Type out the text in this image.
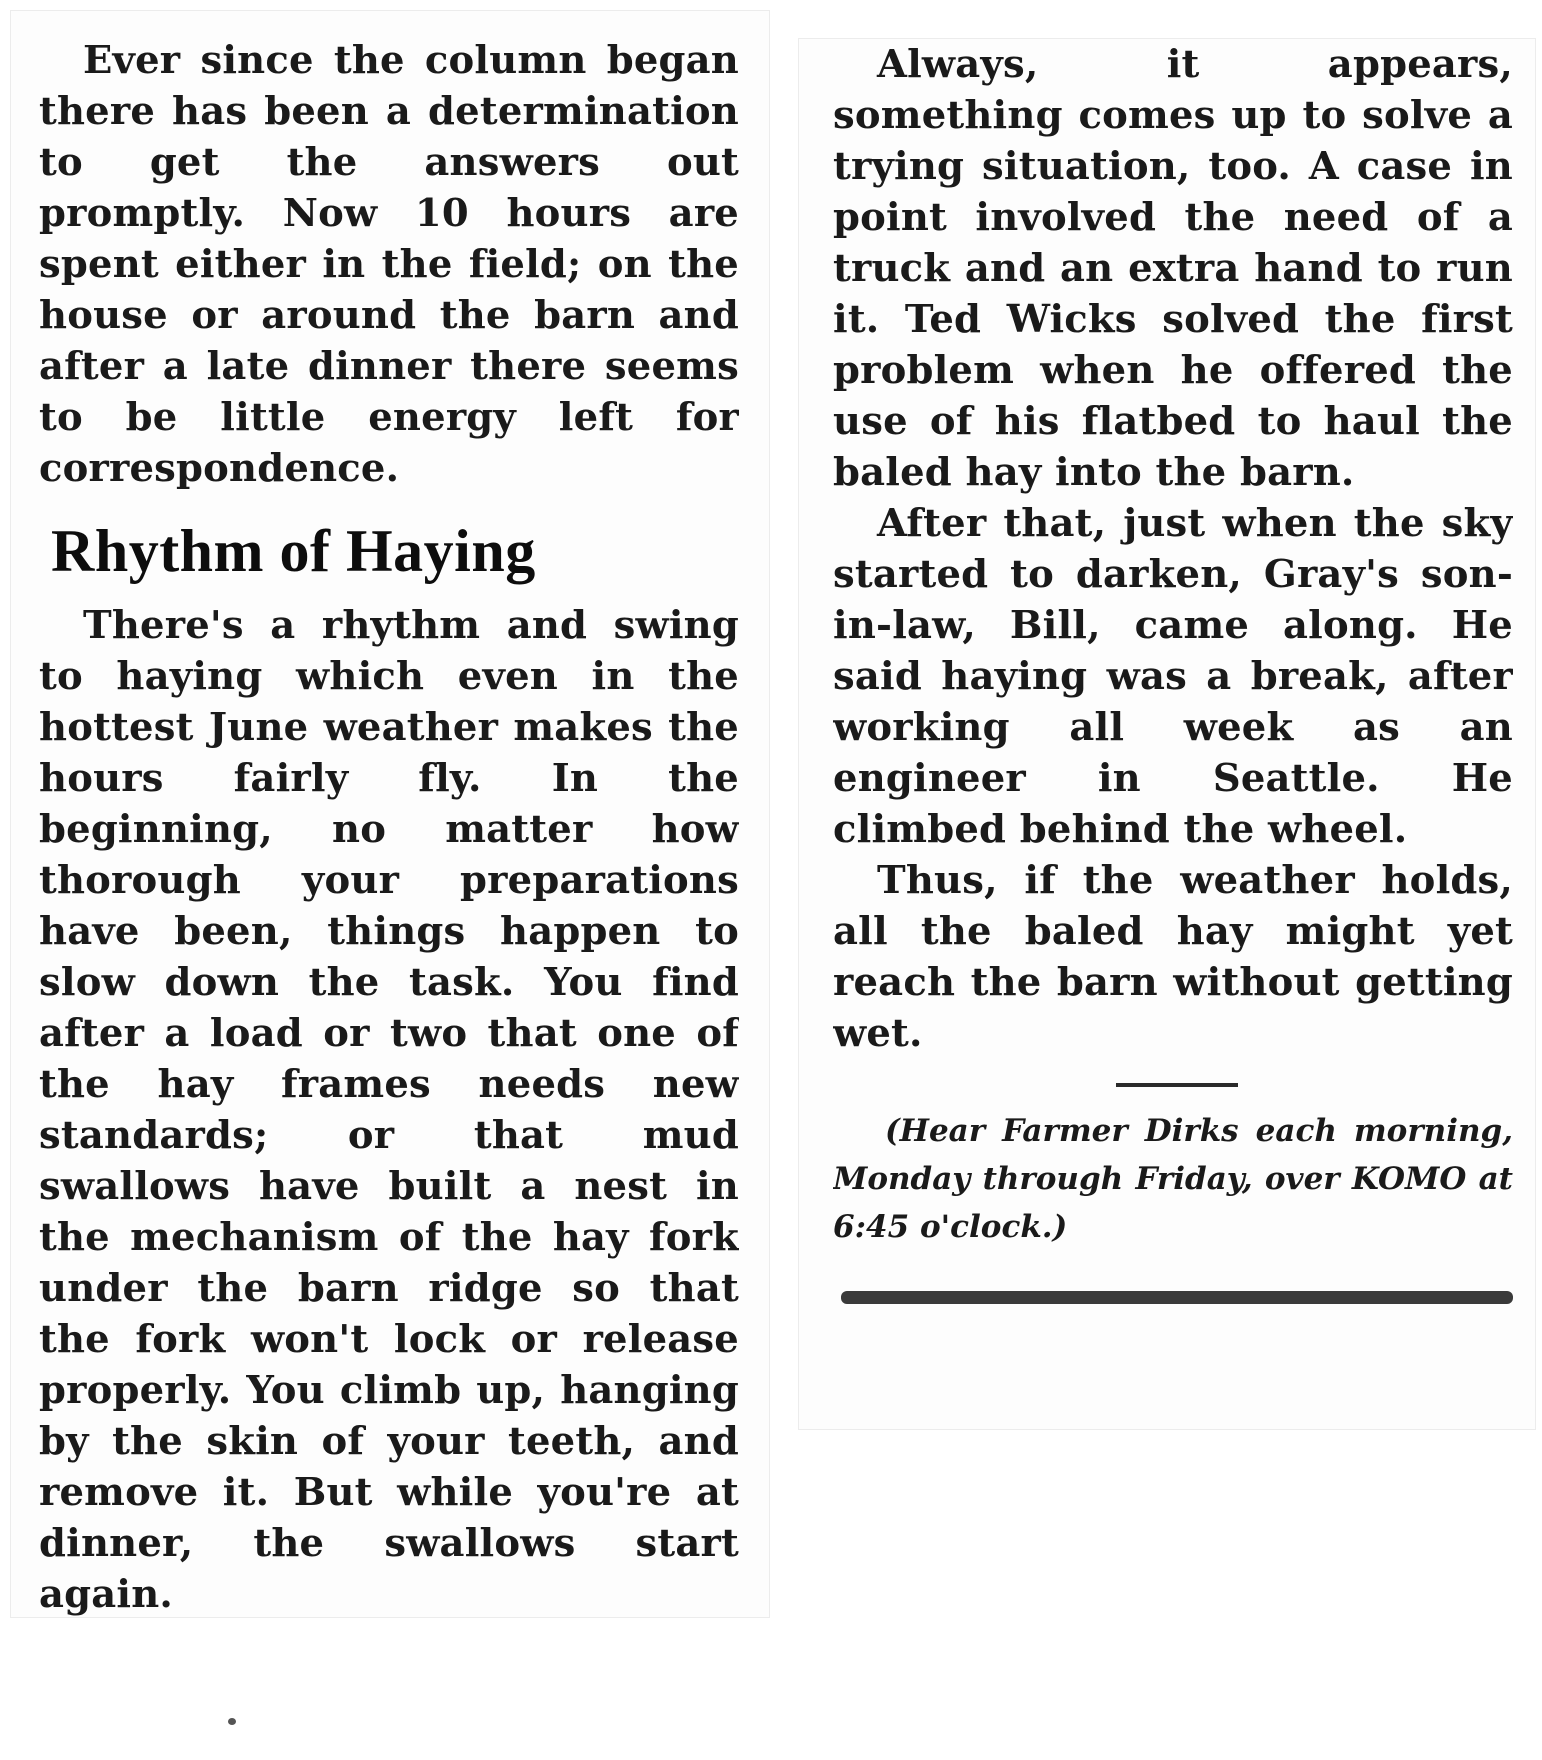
Ever since the column began there has been a determination to get the answers out promptly. Now 10 hours are spent either in the field; on the house or around the barn and after a late dinner there seems to be little energy left for correspondence.

Rhythm of Haying

There's a rhythm and swing to haying which even in the hottest June weather makes the hours fairly fly. In the beginning, no matter how thorough your preparations have been, things happen to slow down the task. You find after a load or two that one of the hay frames needs new standards; or that mud swallows have built a nest in the mechanism of the hay fork under the barn ridge so that the fork won't lock or release properly. You climb up, hanging by the skin of your teeth, and remove it. But while you're at dinner, the swallows start again.

Always, it appears, something comes up to solve a trying situation, too. A case in point involved the need of a truck and an extra hand to run it. Ted Wicks solved the first problem when he offered the use of his flatbed to haul the baled hay into the barn.

After that, just when the sky started to darken, Gray's son-in-law, Bill, came along. He said haying was a break, after working all week as an engineer in Seattle. He climbed behind the wheel.

Thus, if the weather holds, all the baled hay might yet reach the barn without getting wet.

(Hear Farmer Dirks each morning, Monday through Friday, over KOMO at 6:45 o'clock.)
